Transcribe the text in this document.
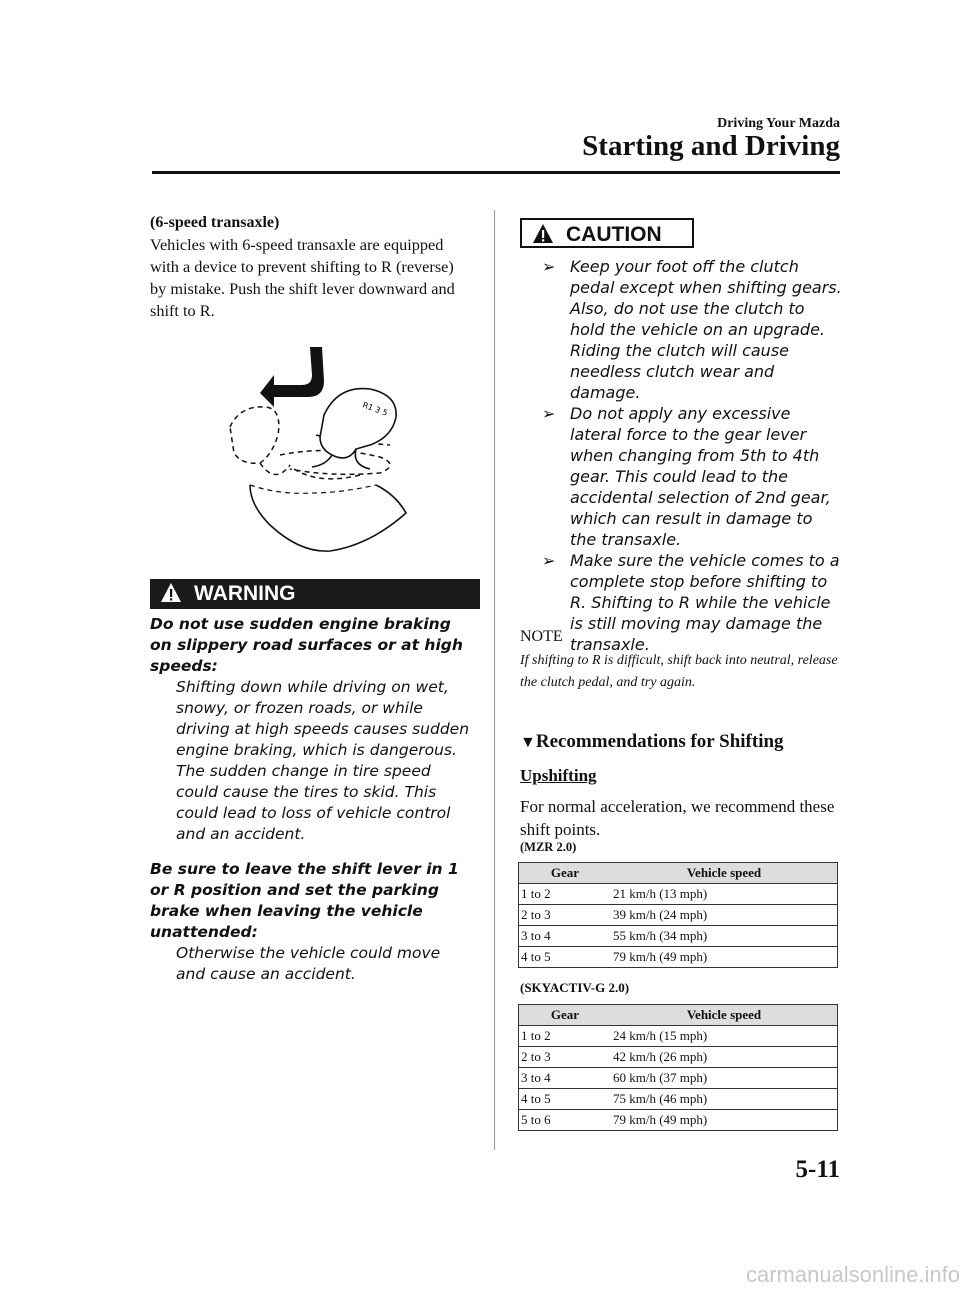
Driving Your Mazda
Starting and Driving

(6-speed transaxle)

Vehicles with 6-speed transaxle are equipped with a device to prevent shifting to R (reverse) by mistake. Push the shift lever downward and shift to R.

R1 3 5
WARNING

Do not use sudden engine braking on slippery road surfaces or at high speeds:

Shifting down while driving on wet, snowy, or frozen roads, or while driving at high speeds causes sudden engine braking, which is dangerous. The sudden change in tire speed could cause the tires to skid. This could lead to loss of vehicle control and an accident.

Be sure to leave the shift lever in 1 or R position and set the parking brake when leaving the vehicle unattended:

Otherwise the vehicle could move and cause an accident.

CAUTION
➢ Keep your foot off the clutch pedal except when shifting gears. Also, do not use the clutch to hold the vehicle on an upgrade. Riding the clutch will cause needless clutch wear and damage.
➢ Do not apply any excessive lateral force to the gear lever when changing from 5th to 4th gear. This could lead to the accidental selection of 2nd gear, which can result in damage to the transaxle.
➢ Make sure the vehicle comes to a complete stop before shifting to R. Shifting to R while the vehicle is still moving may damage the transaxle.

NOTE

If shifting to R is difficult, shift back into neutral, release the clutch pedal, and try again.

▼Recommendations for Shifting
Upshifting
For normal acceleration, we recommend these shift points.
(MZR 2.0)
Gear	Vehicle speed
1 to 2	21 km/h (13 mph)
2 to 3	39 km/h (24 mph)
3 to 4	55 km/h (34 mph)
4 to 5	79 km/h (49 mph)
(SKYACTIV-G 2.0)
Gear	Vehicle speed
1 to 2	24 km/h (15 mph)
2 to 3	42 km/h (26 mph)
3 to 4	60 km/h (37 mph)
4 to 5	75 km/h (46 mph)
5 to 6	79 km/h (49 mph)
5-11
carmanualsonline.info
